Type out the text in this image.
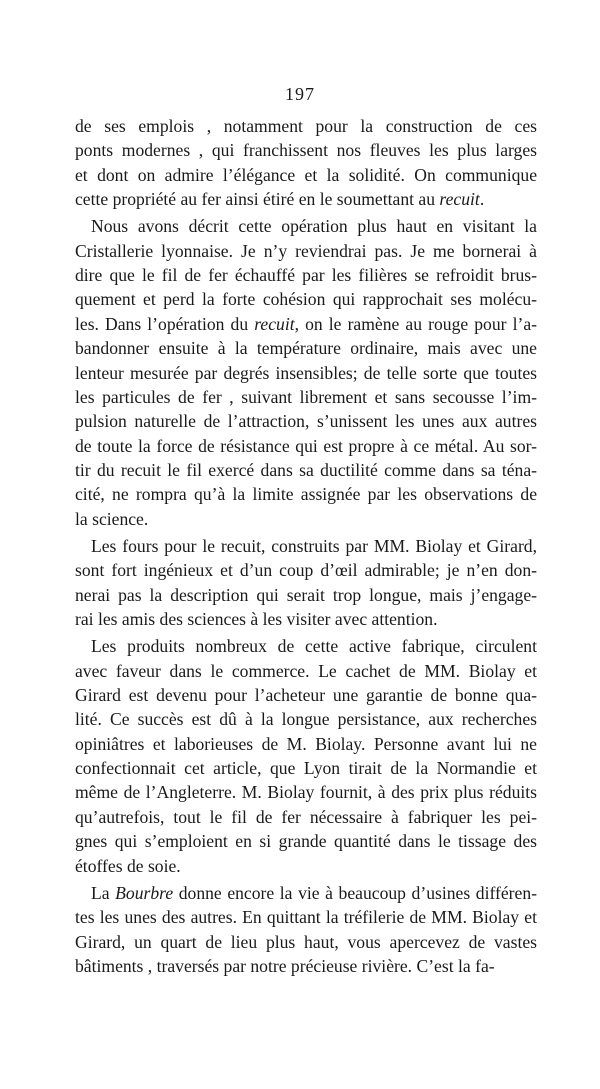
197
de ses emplois , notamment pour la construction de ces
ponts modernes , qui franchissent nos fleuves les plus larges
et dont on admire l’élégance et la solidité. On communique
cette propriété au fer ainsi étiré en le soumettant au recuit.
Nous avons décrit cette opération plus haut en visitant la
Cristallerie lyonnaise. Je n’y reviendrai pas. Je me bornerai à
dire que le fil de fer échauffé par les filières se refroidit brus-
quement et perd la forte cohésion qui rapprochait ses molécu-
les. Dans l’opération du recuit, on le ramène au rouge pour l’a-
bandonner ensuite à la température ordinaire, mais avec une
lenteur mesurée par degrés insensibles; de telle sorte que toutes
les particules de fer , suivant librement et sans secousse l’im-
pulsion naturelle de l’attraction, s’unissent les unes aux autres
de toute la force de résistance qui est propre à ce métal. Au sor-
tir du recuit le fil exercé dans sa ductilité comme dans sa téna-
cité, ne rompra qu’à la limite assignée par les observations de
la science.
Les fours pour le recuit, construits par MM. Biolay et Girard,
sont fort ingénieux et d’un coup d’œil admirable; je n’en don-
nerai pas la description qui serait trop longue, mais j’engage-
rai les amis des sciences à les visiter avec attention.
Les produits nombreux de cette active fabrique, circulent
avec faveur dans le commerce. Le cachet de MM. Biolay et
Girard est devenu pour l’acheteur une garantie de bonne qua-
lité. Ce succès est dû à la longue persistance, aux recherches
opiniâtres et laborieuses de M. Biolay. Personne avant lui ne
confectionnait cet article, que Lyon tirait de la Normandie et
même de l’Angleterre. M. Biolay fournit, à des prix plus réduits
qu’autrefois, tout le fil de fer nécessaire à fabriquer les pei-
gnes qui s’emploient en si grande quantité dans le tissage des
étoffes de soie.
La Bourbre donne encore la vie à beaucoup d’usines différen-
tes les unes des autres. En quittant la tréfilerie de MM. Biolay et
Girard, un quart de lieu plus haut, vous apercevez de vastes
bâtiments , traversés par notre précieuse rivière. C’est la fa-
